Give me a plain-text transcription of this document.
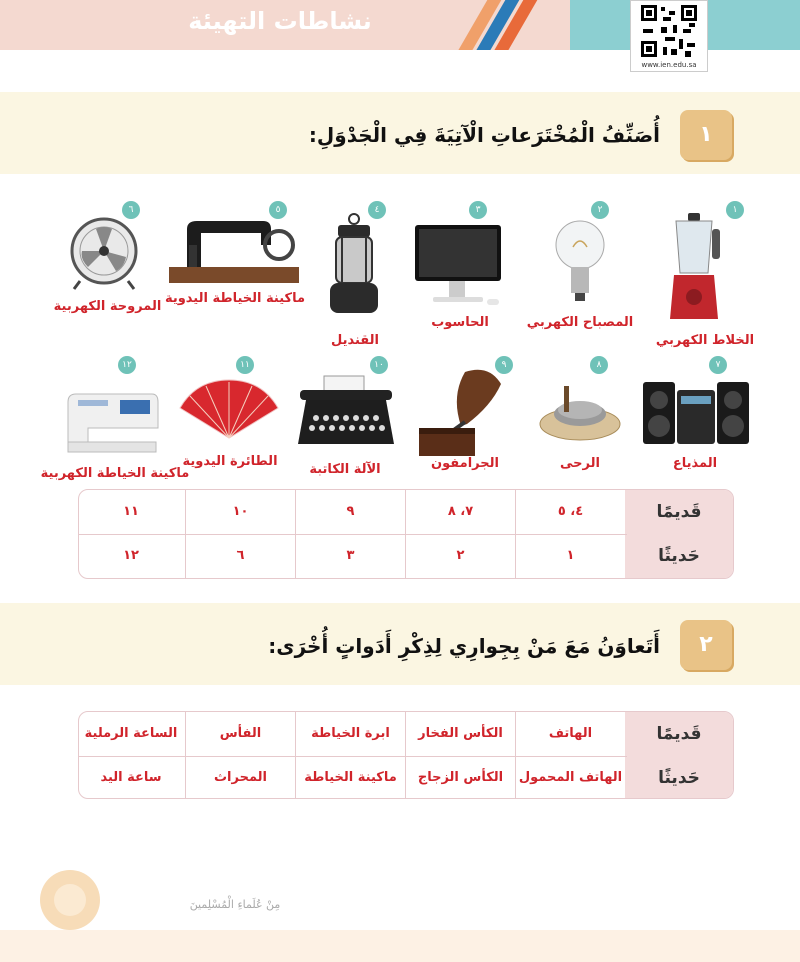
نشاطات التهيئة
www.ien.edu.sa
١
أُصَنِّفُ الْمُخْتَرَعاتِ الْآتِيَةَ فِي الْجَدْوَلِ:
١
الخلاط الكهربي
٢
المصباح الكهربي
٣
الحاسوب
٤
القنديل
٥
ماكينة الخياطة اليدوية
٦
المروحة الكهربية
٧
المذياع
٨
الرحى
٩
الجرامفون
١٠
الآلة الكاتبة
١١
الطائرة اليدوية
١٢
ماكينة الخياطة الكهربية
قَديمًا
حَديثًا
٤، ٥
٧، ٨
٩
١٠
١١
١
٢
٣
٦
١٢
٢
أَتَعاوَنُ مَعَ مَنْ بِجِوارِي لِذِكْرِ أَدَواتٍ أُخْرَى:
قَديمًا
حَديثًا
الهاتف
الكأس الفخار
ابرة الخياطة
الفأس
الساعة الرملية
الهاتف المحمول
الكأس الزجاج
ماكينة الخياطة
المحراث
ساعة اليد
مِنْ عُلَماءِ الْمُسْلِمينَ
